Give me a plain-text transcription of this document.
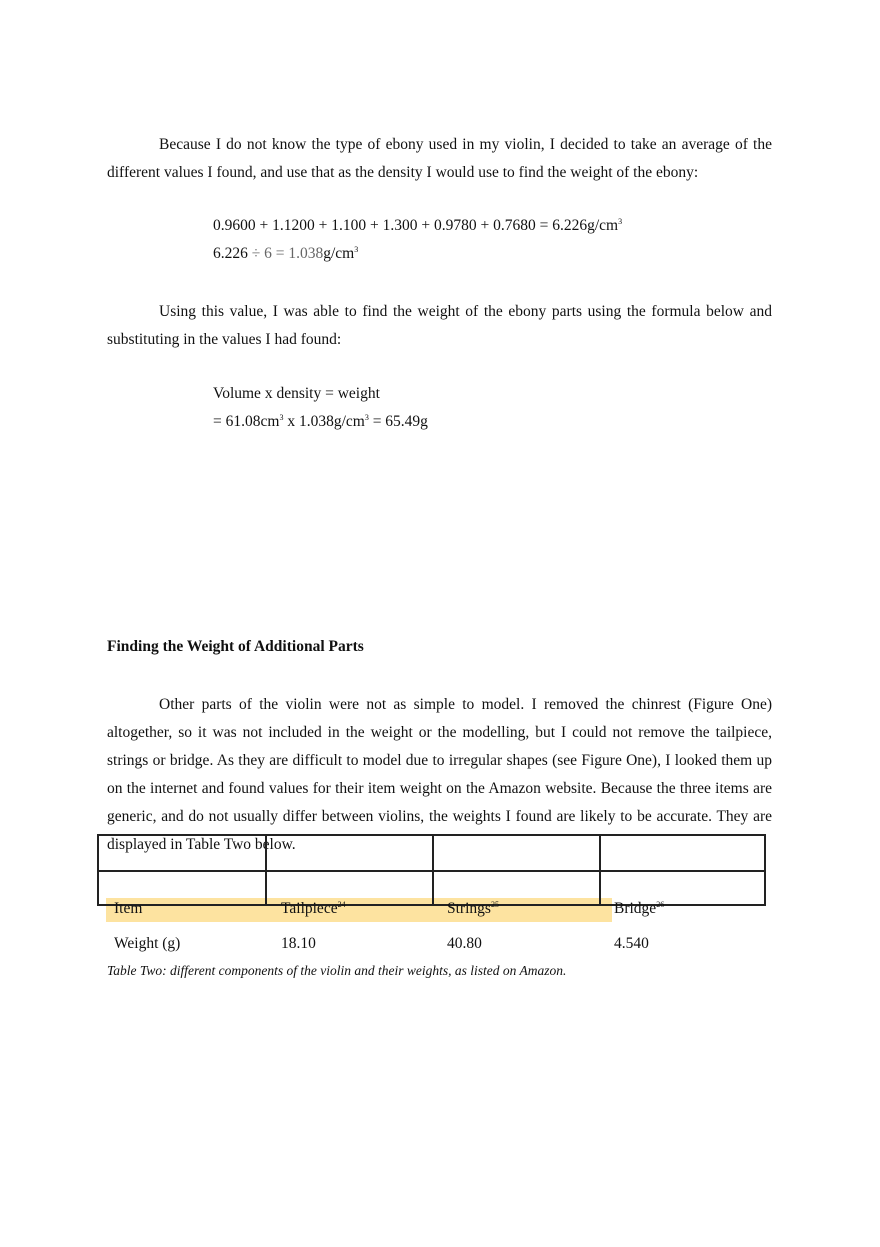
Because I do not know the type of ebony used in my violin, I decided to take an average of the different values I found, and use that as the density I would use to find the weight of the ebony:

$0.9600 + 1.1200 + 1.100 + 1.300 + 0.9780 + 0.7680 = 6.226g/cm^3$
$6.226 \div 6 = 1.038g/cm^3$

Using this value, I was able to find the weight of the ebony parts using the formula below and substituting in the values I had found:

Volume x density = weight
= $61.08cm^3$ x $1.038g/cm^3 = 65.49g$
Finding the Weight of Additional Parts

Other parts of the violin were not as simple to model. I removed the chinrest (Figure One) altogether, so it was not included in the weight or the modelling, but I could not remove the tailpiece, strings or bridge. As they are difficult to model due to irregular shapes (see Figure One), I looked them up on the internet and found values for their item weight on the Amazon website. Because the three items are generic, and do not usually differ between violins, the weights I found are likely to be accurate. They are displayed in Table Two below.

Item	Tailpiece$^{24}$	Strings$^{25}$	Bridge$^{26}$
Weight (g)	18.10	40.80	4.540
Table Two: different components of the violin and their weights, as listed on Amazon.
